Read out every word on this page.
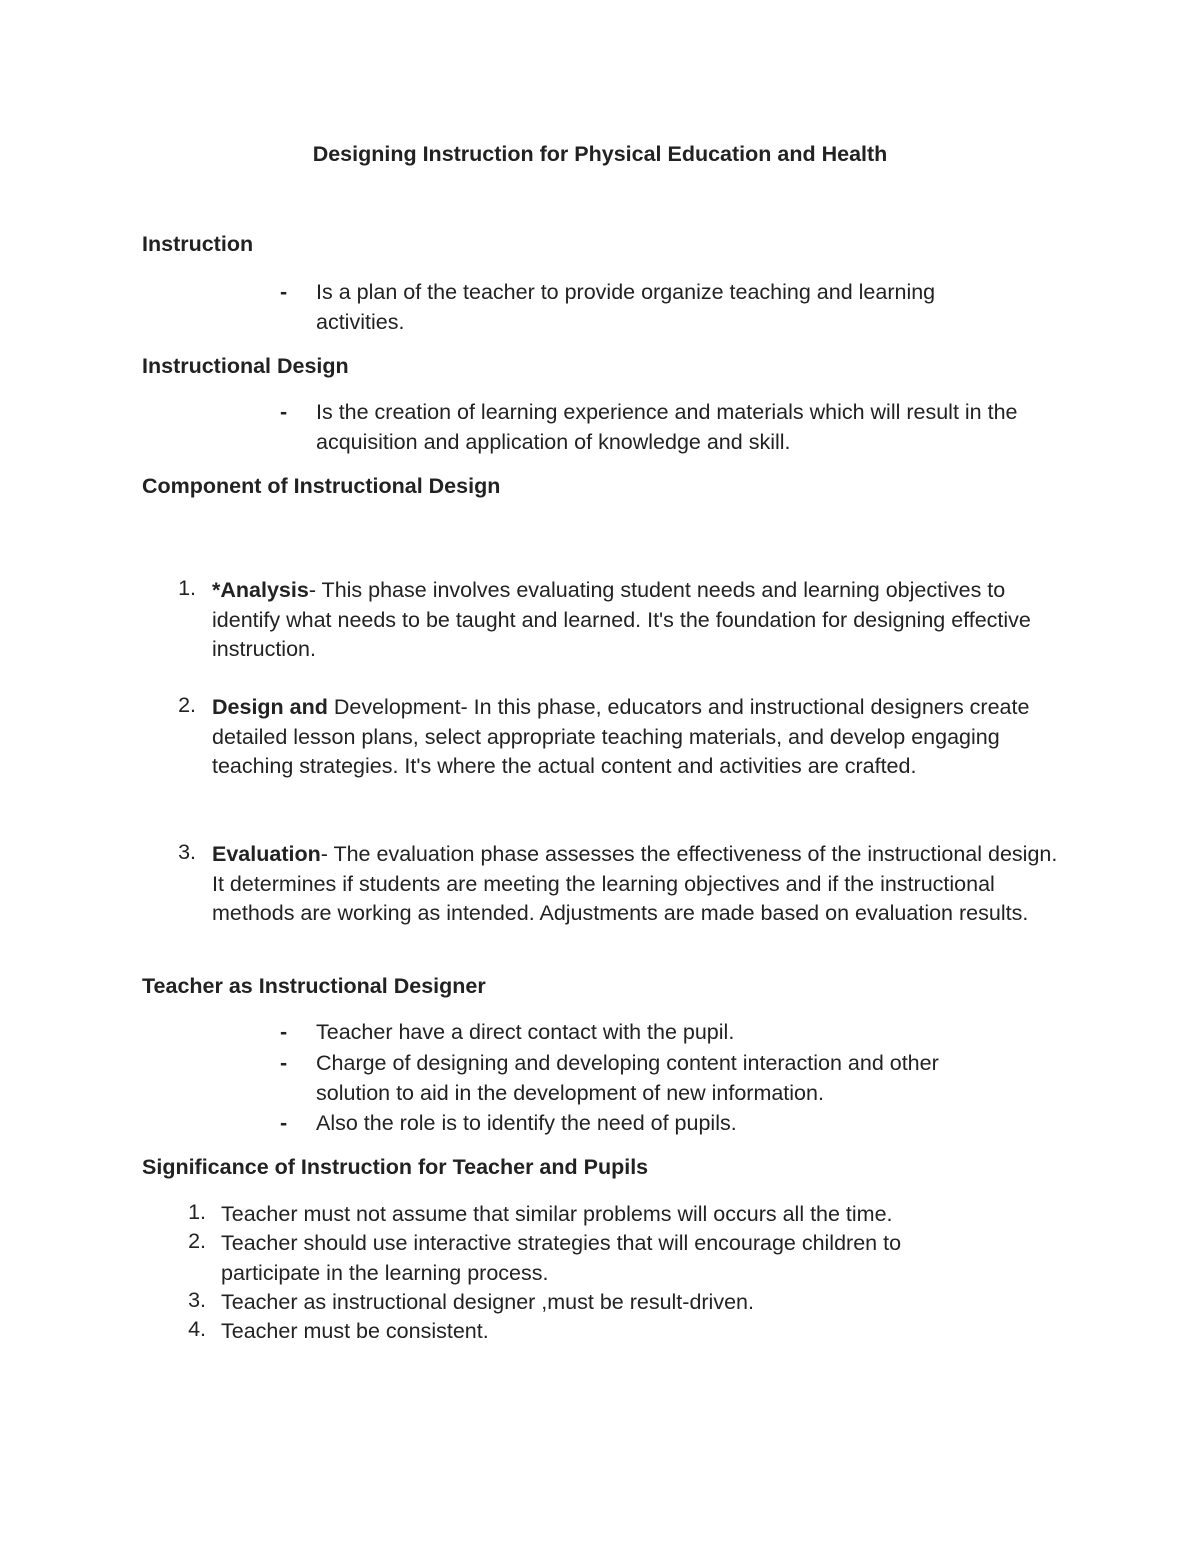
Designing Instruction for Physical Education and Health
Instruction
- Is a plan of the teacher to provide organize teaching and learning activities.
Instructional Design
- Is the creation of learning experience and materials which will result in the acquisition and application of knowledge and skill.
Component of Instructional Design
1. *Analysis- This phase involves evaluating student needs and learning objectives to identify what needs to be taught and learned. It's the foundation for designing effective instruction.
2. Design and Development- In this phase, educators and instructional designers create detailed lesson plans, select appropriate teaching materials, and develop engaging teaching strategies. It's where the actual content and activities are crafted.
3. Evaluation- The evaluation phase assesses the effectiveness of the instructional design. It determines if students are meeting the learning objectives and if the instructional methods are working as intended. Adjustments are made based on evaluation results.
Teacher as Instructional Designer
- Teacher have a direct contact with the pupil.
- Charge of designing and developing content interaction and other solution to aid in the development of new information.
- Also the role is to identify the need of pupils.
Significance of Instruction for Teacher and Pupils
1. Teacher must not assume that similar problems will occurs all the time.
2. Teacher should use interactive strategies that will encourage children to participate in the learning process.
3. Teacher as instructional designer ,must be result-driven.
4. Teacher must be consistent.
